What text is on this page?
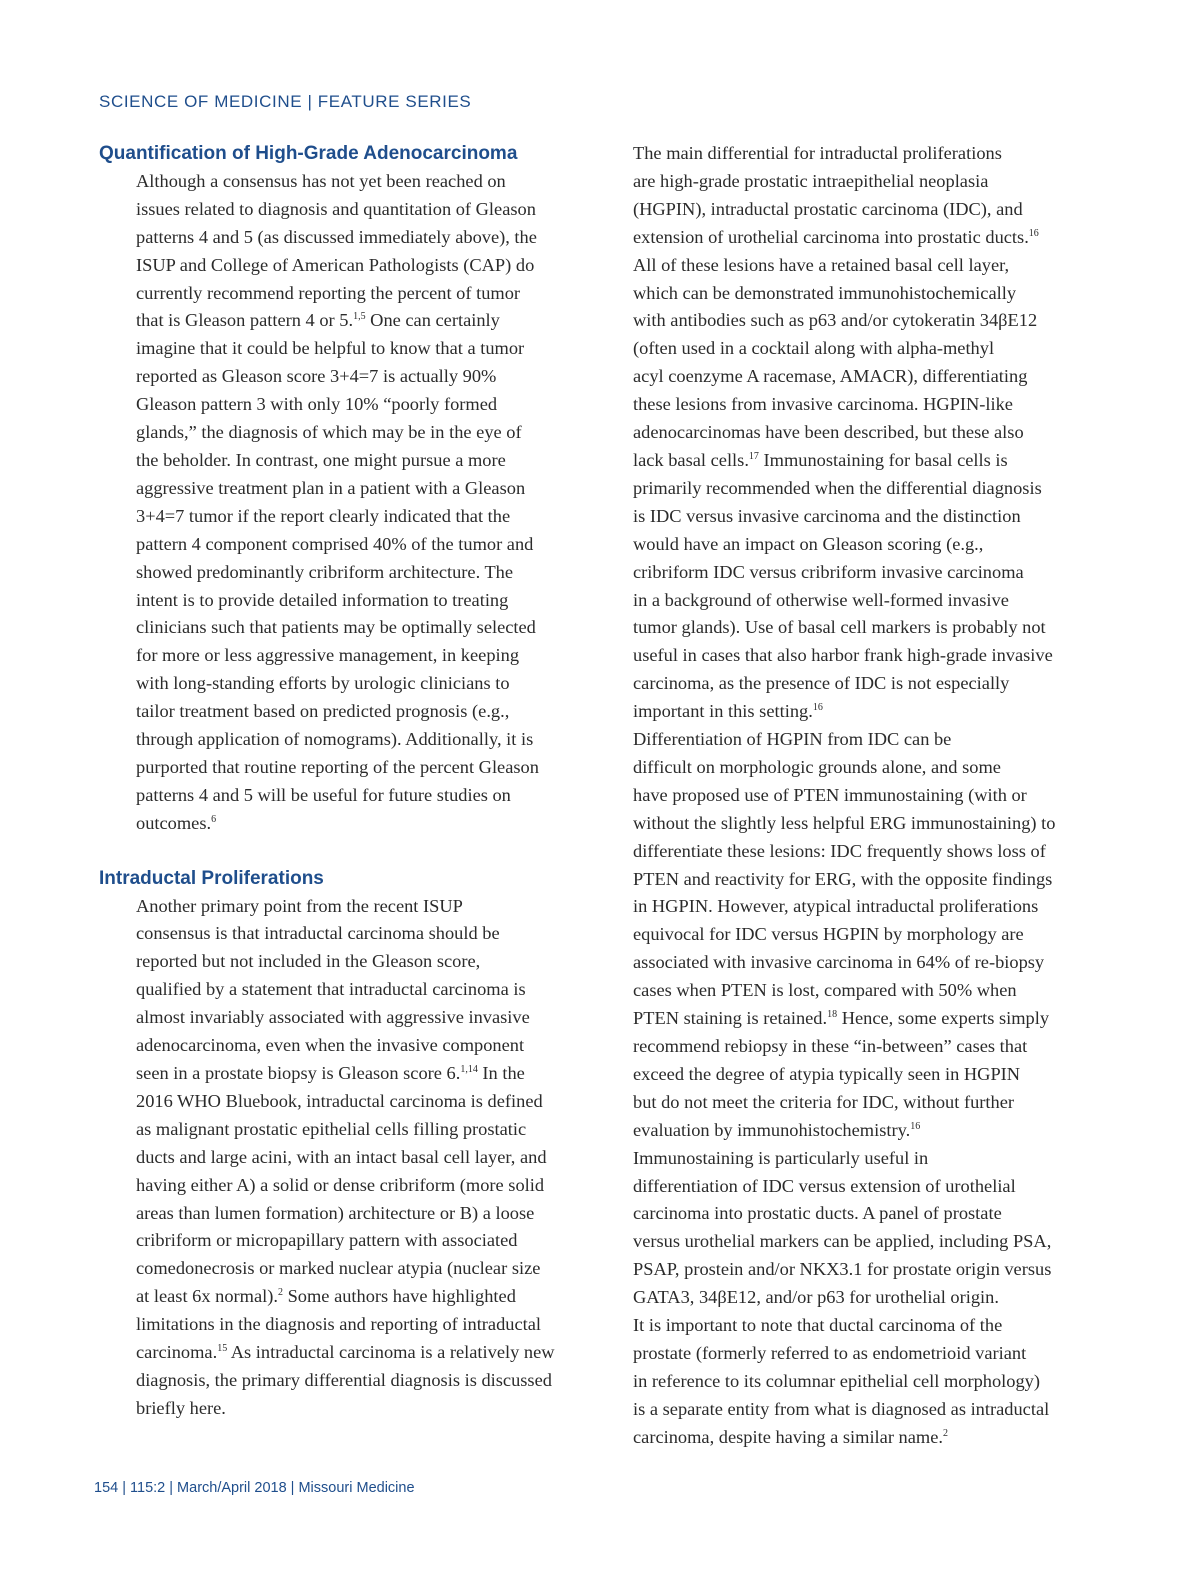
SCIENCE OF MEDICINE | FEATURE SERIES
Quantification of High-Grade Adenocarcinoma

Although a consensus has not yet been reached on
issues related to diagnosis and quantitation of Gleason
patterns 4 and 5 (as discussed immediately above), the
ISUP and College of American Pathologists (CAP) do
currently recommend reporting the percent of tumor
that is Gleason pattern 4 or 5.$^{1,5}$ One can certainly
imagine that it could be helpful to know that a tumor
reported as Gleason score 3+4=7 is actually 90%
Gleason pattern 3 with only 10% “poorly formed
glands,” the diagnosis of which may be in the eye of
the beholder. In contrast, one might pursue a more
aggressive treatment plan in a patient with a Gleason
3+4=7 tumor if the report clearly indicated that the
pattern 4 component comprised 40% of the tumor and
showed predominantly cribriform architecture. The
intent is to provide detailed information to treating
clinicians such that patients may be optimally selected
for more or less aggressive management, in keeping
with long-standing efforts by urologic clinicians to
tailor treatment based on predicted prognosis (e.g.,
through application of nomograms). Additionally, it is
purported that routine reporting of the percent Gleason
patterns 4 and 5 will be useful for future studies on
outcomes.$^6$

Intraductal Proliferations

Another primary point from the recent ISUP
consensus is that intraductal carcinoma should be
reported but not included in the Gleason score,
qualified by a statement that intraductal carcinoma is
almost invariably associated with aggressive invasive
adenocarcinoma, even when the invasive component
seen in a prostate biopsy is Gleason score 6.$^{1,14}$ In the
2016 WHO Bluebook, intraductal carcinoma is defined
as malignant prostatic epithelial cells filling prostatic
ducts and large acini, with an intact basal cell layer, and
having either A) a solid or dense cribriform (more solid
areas than lumen formation) architecture or B) a loose
cribriform or micropapillary pattern with associated
comedonecrosis or marked nuclear atypia (nuclear size
at least 6x normal).$^2$ Some authors have highlighted
limitations in the diagnosis and reporting of intraductal
carcinoma.$^{15}$ As intraductal carcinoma is a relatively new
diagnosis, the primary differential diagnosis is discussed
briefly here.

The main differential for intraductal proliferations
are high-grade prostatic intraepithelial neoplasia
(HGPIN), intraductal prostatic carcinoma (IDC), and
extension of urothelial carcinoma into prostatic ducts.$^{16}$
All of these lesions have a retained basal cell layer,
which can be demonstrated immunohistochemically
with antibodies such as p63 and/or cytokeratin 34βE12
(often used in a cocktail along with alpha-methyl
acyl coenzyme A racemase, AMACR), differentiating
these lesions from invasive carcinoma. HGPIN-like
adenocarcinomas have been described, but these also
lack basal cells.$^{17}$ Immunostaining for basal cells is
primarily recommended when the differential diagnosis
is IDC versus invasive carcinoma and the distinction
would have an impact on Gleason scoring (e.g.,
cribriform IDC versus cribriform invasive carcinoma
in a background of otherwise well-formed invasive
tumor glands). Use of basal cell markers is probably not
useful in cases that also harbor frank high-grade invasive
carcinoma, as the presence of IDC is not especially
important in this setting.$^{16}$

Differentiation of HGPIN from IDC can be
difficult on morphologic grounds alone, and some
have proposed use of PTEN immunostaining (with or
without the slightly less helpful ERG immunostaining) to
differentiate these lesions: IDC frequently shows loss of
PTEN and reactivity for ERG, with the opposite findings
in HGPIN. However, atypical intraductal proliferations
equivocal for IDC versus HGPIN by morphology are
associated with invasive carcinoma in 64% of re-biopsy
cases when PTEN is lost, compared with 50% when
PTEN staining is retained.$^{18}$ Hence, some experts simply
recommend rebiopsy in these “in-between” cases that
exceed the degree of atypia typically seen in HGPIN
but do not meet the criteria for IDC, without further
evaluation by immunohistochemistry.$^{16}$

Immunostaining is particularly useful in
differentiation of IDC versus extension of urothelial
carcinoma into prostatic ducts. A panel of prostate
versus urothelial markers can be applied, including PSA,
PSAP, prostein and/or NKX3.1 for prostate origin versus
GATA3, 34βE12, and/or p63 for urothelial origin.

It is important to note that ductal carcinoma of the
prostate (formerly referred to as endometrioid variant
in reference to its columnar epithelial cell morphology)
is a separate entity from what is diagnosed as intraductal
carcinoma, despite having a similar name.$^2$

154 | 115:2 | March/April 2018 | Missouri Medicine
